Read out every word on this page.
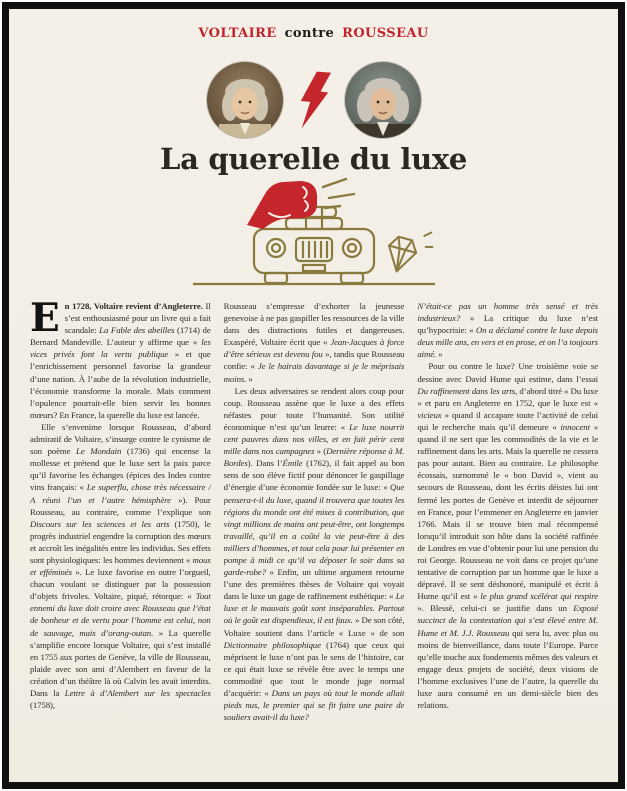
VOLTAIRE contre ROUSSEAU
La querelle du luxe

En 1728, Voltaire revient d’Angleterre. Il s’est enthousiasmé pour un livre qui a fait scandale: La Fable des abeilles (1714) de Bernard Mandeville. L’auteur y affirme que « les vices privés font la vertu publique » et que l’enrichissement personnel favorise la grandeur d’une nation. À l’aube de la révolution industrielle, l’économie transforme la morale. Mais comment l’opulence pourrait-elle bien servir les bonnes mœurs? En France, la querelle du luxe est lancée.

Elle s’envenime lorsque Rousseau, d’abord admiratif de Voltaire, s’insurge contre le cynisme de son poème Le Mondain (1736) qui encense la mollesse et prétend que le luxe sert la paix parce qu’il favorise les échanges (épices des Indes contre vins français: « Le superflu, chose très nécessaire / A réuni l’un et l’autre hémisphère »). Pour Rousseau, au contraire, comme l’explique son Discours sur les sciences et les arts (1750), le progrès industriel engendre la corruption des mœurs et accroît les inégalités entre les individus. Ses effets sont physiologiques: les hommes deviennent « mous et efféminés ». Le luxe favorise en outre l’orgueil, chacun voulant se distinguer par la possession d’objets frivoles. Voltaire, piqué, rétorque: « Tout ennemi du luxe doit croire avec Rousseau que l’état de bonheur et de vertu pour l’homme est celui, non de sauvage, mais d’orang-outan. » La querelle s’amplifie encore lorsque Voltaire, qui s’est installé en 1755 aux portes de Genève, la ville de Rousseau, plaide avec son ami d’Alembert en faveur de la création d’un théâtre là où Calvin les avait interdits. Dans la Lettre à d’Alembert sur les spectacles (1758),

Rousseau s’empresse d’exhorter la jeunesse genevoise à ne pas gaspiller les ressources de la ville dans des distractions futiles et dangereuses. Exaspéré, Voltaire écrit que « Jean-Jacques à force d’être sérieux est devenu fou », tandis que Rousseau confie: « Je le haïrais davantage si je le méprisais moins. »

Les deux adversaires se rendent alors coup pour coup. Rousseau assène que le luxe a des effets néfastes pour toute l’humanité. Son utilité économique n’est qu’un leurre: « Le luxe nourrit cent pauvres dans nos villes, et en fait périr cent mille dans nos campagnes » (Dernière réponse à M. Bordes). Dans l’Émile (1762), il fait appel au bon sens de son élève fictif pour dénoncer le gaspillage d’énergie d’une économie fondée sur le luxe: « Que pensera-t-il du luxe, quand il trouvera que toutes les régions du monde ont été mises à contribution, que vingt millions de mains ont peut-être, ont longtemps travaillé, qu’il en a coûté la vie peut-être à des milliers d’hommes, et tout cela pour lui présenter en pompe à midi ce qu’il va déposer le soir dans sa garde-robe? » Enfin, un ultime argument retourne l’une des premières thèses de Voltaire qui voyait dans le luxe un gage de raffinement esthétique: « Le luxe et le mauvais goût sont inséparables. Partout où le goût est dispendieux, il est faux. » De son côté, Voltaire soutient dans l’article « Luxe » de son Dictionnaire philosophique (1764) que ceux qui méprisent le luxe n’ont pas le sens de l’histoire, car ce qui était luxe se révèle être avec le temps une commodité que tout le monde juge normal d’acquérir: « Dans un pays où tout le monde allait pieds nus, le premier qui se fit faire une paire de souliers avait-il du luxe?

N’était-ce pas un homme très sensé et très industrieux? » La critique du luxe n’est qu’hypocrisie: « On a déclamé contre le luxe depuis deux mille ans, en vers et en prose, et on l’a toujours aimé. »

Pour ou contre le luxe? Une troisième voie se dessine avec David Hume qui estime, dans l’essai Du raffinement dans les arts, d’abord titré « Du luxe » et paru en Angleterre en 1752, que le luxe est « vicieux » quand il accapare toute l’activité de celui qui le recherche mais qu’il demeure « innocent » quand il ne sert que les commodités de la vie et le raffinement dans les arts. Mais la querelle ne cessera pas pour autant. Bien au contraire. Le philosophe écossais, surnommé le « bon David », vient au secours de Rousseau, dont les écrits déistes lui ont fermé les portes de Genève et interdit de séjourner en France, pour l’emmener en Angleterre en janvier 1766. Mais il se trouve bien mal récompensé lorsqu’il introduit son hôte dans la société raffinée de Londres en vue d’obtenir pour lui une pension du roi George. Rousseau ne voit dans ce projet qu’une tentative de corruption par un homme que le luxe a dépravé. Il se sent déshonoré, manipulé et écrit à Hume qu’il est « le plus grand scélérat qui respire ». Blessé, celui-ci se justifie dans un Exposé succinct de la contestation qui s’est élevé entre M. Hume et M. J.J. Rousseau qui sera lu, avec plus ou moins de bienveillance, dans toute l’Europe. Parce qu’elle touche aux fondements mêmes des valeurs et engage deux projets de société, deux visions de l’homme exclusives l’une de l’autre, la querelle du luxe aura consumé en un demi-siècle bien des relations.
